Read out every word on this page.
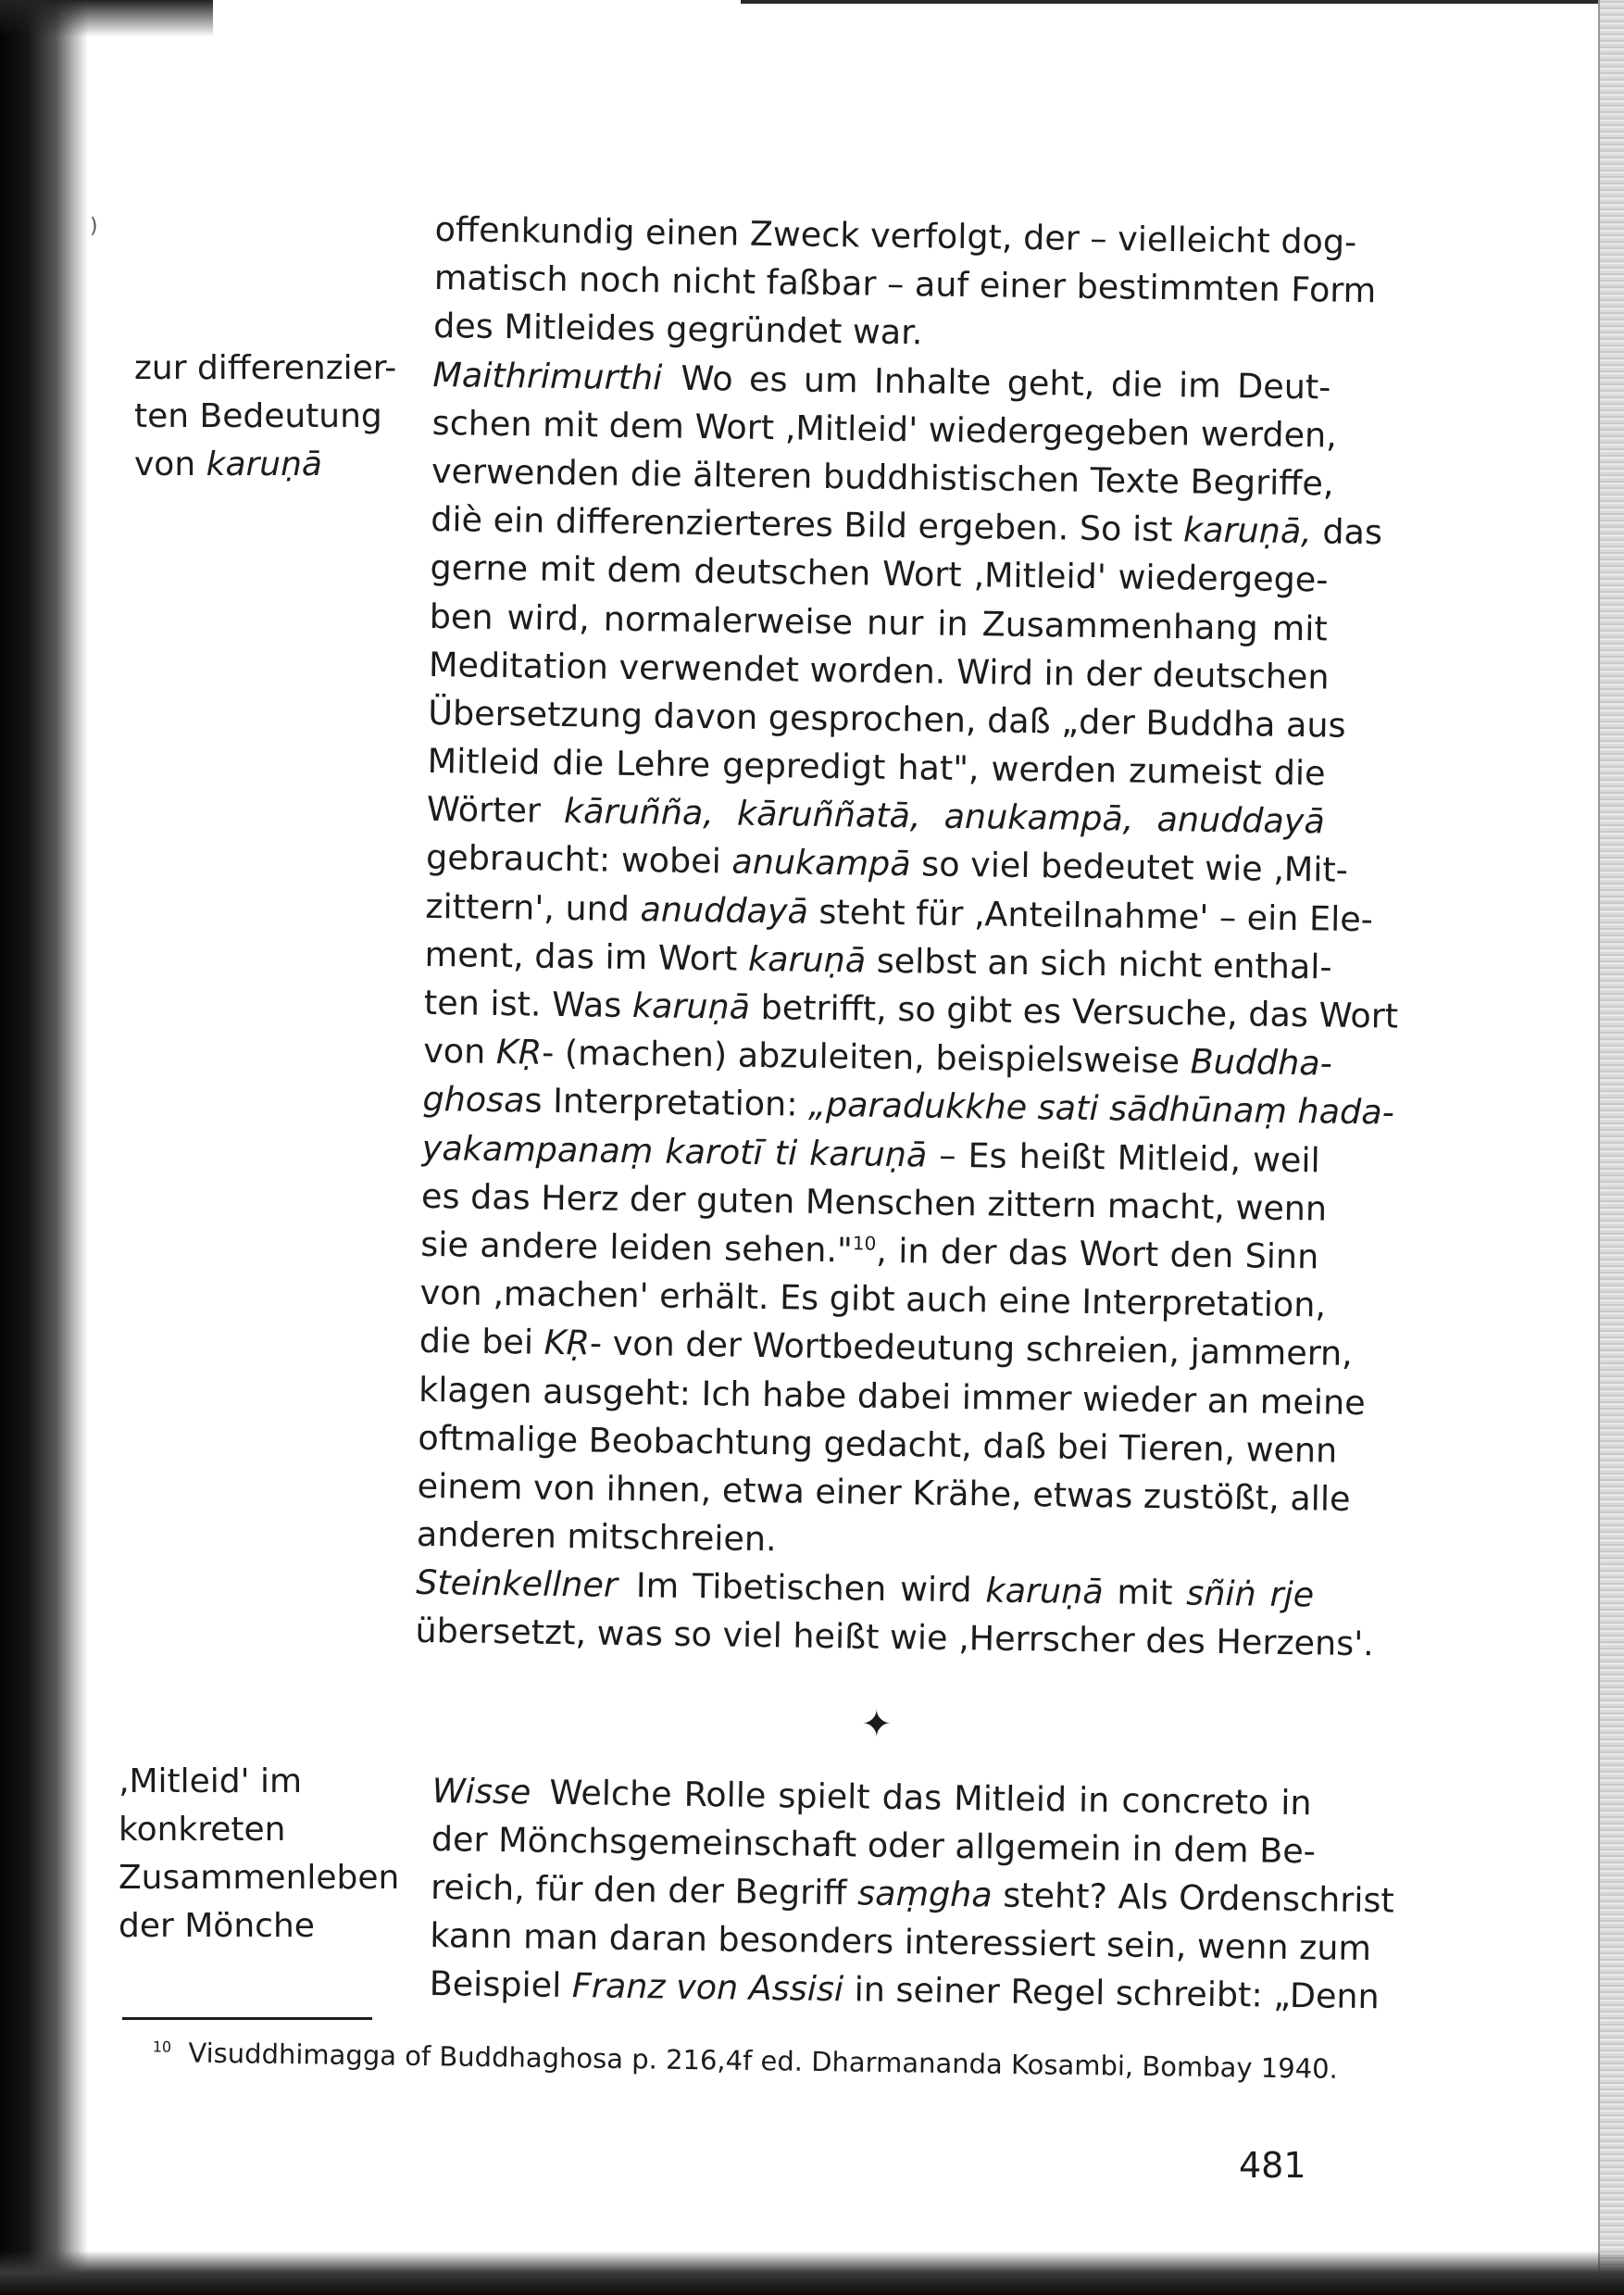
)
zur differenzier-
ten Bedeutung
von karuṇā
offenkundig einen Zweck verfolgt, der – vielleicht dog-
matisch noch nicht faßbar – auf einer bestimmten Form
des Mitleides gegründet war.
Maithrimurthi Wo es um Inhalte geht, die im Deut-
schen mit dem Wort ‚Mitleid' wiedergegeben werden,
verwenden die älteren buddhistischen Texte Begriffe,
diè ein differenzierteres Bild ergeben. So ist karuṇā, das
gerne mit dem deutschen Wort ‚Mitleid' wiedergege-
ben wird, normalerweise nur in Zusammenhang mit
Meditation verwendet worden. Wird in der deutschen
Übersetzung davon gesprochen, daß „der Buddha aus
Mitleid die Lehre gepredigt hat", werden zumeist die
Wörter kāruñña, kāruññatā, anukampā, anuddayā
gebraucht: wobei anukampā so viel bedeutet wie ‚Mit-
zittern', und anuddayā steht für ‚Anteilnahme' – ein Ele-
ment, das im Wort karuṇā selbst an sich nicht enthal-
ten ist. Was karuṇā betrifft, so gibt es Versuche, das Wort
von KṚ- (machen) abzuleiten, beispielsweise Buddha-
ghosas Interpretation: „paradukkhe sati sādhūnaṃ hada-
yakampanaṃ karotī ti karuṇā – Es heißt Mitleid, weil
es das Herz der guten Menschen zittern macht, wenn
sie andere leiden sehen."$^{10}$, in der das Wort den Sinn
von ‚machen' erhält. Es gibt auch eine Interpretation,
die bei KṚ- von der Wortbedeutung schreien, jammern,
klagen ausgeht: Ich habe dabei immer wieder an meine
oftmalige Beobachtung gedacht, daß bei Tieren, wenn
einem von ihnen, etwa einer Krähe, etwas zustößt, alle
anderen mitschreien.
Steinkellner Im Tibetischen wird karuṇā mit sñiṅ rje
übersetzt, was so viel heißt wie ‚Herrscher des Herzens'.
✦
‚Mitleid' im
konkreten
Zusammenleben
der Mönche
Wisse Welche Rolle spielt das Mitleid in concreto in
der Mönchsgemeinschaft oder allgemein in dem Be-
reich, für den der Begriff saṃgha steht? Als Ordenschrist
kann man daran besonders interessiert sein, wenn zum
Beispiel Franz von Assisi in seiner Regel schreibt: „Denn
$^{10}$ Visuddhimagga of Buddhaghosa p. 216,4f ed. Dharmananda Kosambi, Bombay 1940.
481
